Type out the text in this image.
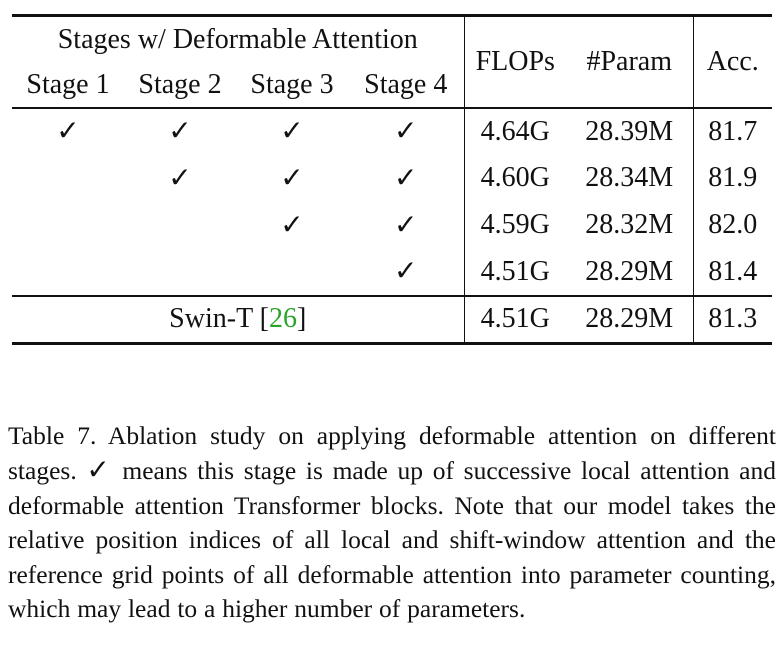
Stages w/ Deformable Attention				FLOPs	#Param	Acc.
Stage 1	Stage 2	Stage 3	Stage 4			
✓	✓	✓	✓	4.64G	28.39M	81.7
	✓	✓	✓	4.60G	28.34M	81.9
		✓	✓	4.59G	28.32M	82.0
			✓	4.51G	28.29M	81.4
Swin-T [26]				4.51G	28.29M	81.3

Table 7. Ablation study on applying deformable attention on different stages. ✓ means this stage is made up of successive local attention and deformable attention Transformer blocks. Note that our model takes the relative position indices of all local and shift-window attention and the reference grid points of all deformable attention into parameter counting, which may lead to a higher number of parameters.
